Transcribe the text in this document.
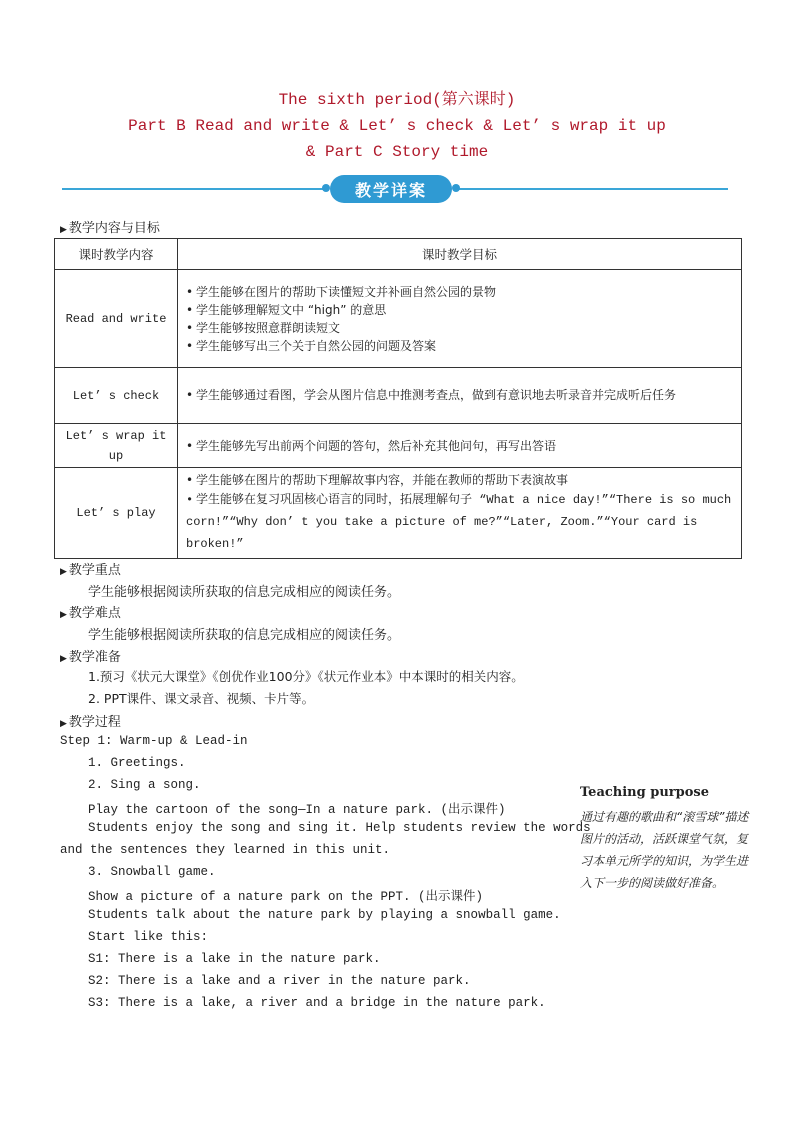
The sixth period(第六课时)
Part B Read and write & Let’ s check & Let’ s wrap it up
& Part C Story time
教学详案
▶ 教学内容与目标
课时教学内容	课时教学目标
Read and write	• 学生能够在图片的帮助下读懂短文并补画自然公园的景物
• 学生能够理解短文中 “high” 的意思
• 学生能够按照意群朗读短文
• 学生能够写出三个关于自然公园的问题及答案

Let’ s check	• 学生能够通过看图，学会从图片信息中推测考查点，做到有意识地去听录音并完成听后任务

Let’ s wrap it up	• 学生能够先写出前两个问题的答句，然后补充其他问句，再写出答语

Let’ s play	• 学生能够在图片的帮助下理解故事内容，并能在教师的帮助下表演故事
• 学生能够在复习巩固核心语言的同时，拓展理解句子 “What a nice day!”“There is so much corn!”“Why don’ t you take a picture of me?”“Later, Zoom.”“Your card is broken!”
▶ 教学重点
学生能够根据阅读所获取的信息完成相应的阅读任务。
▶ 教学难点
学生能够根据阅读所获取的信息完成相应的阅读任务。
▶ 教学准备
1.预习《状元大课堂》《创优作业100分》《状元作业本》中本课时的相关内容。
2. PPT课件、课文录音、视频、卡片等。
▶ 教学过程
Step 1: Warm-up & Lead-in
1. Greetings.
2. Sing a song.
Play the cartoon of the song—In a nature park. (出示课件)
Students enjoy the song and sing it. Help students review the words
and the sentences they learned in this unit.
3. Snowball game.
Show a picture of a nature park on the PPT. (出示课件)
Students talk about the nature park by playing a snowball game.
Start like this:
S1: There is a lake in the nature park.
S2: There is a lake and a river in the nature park.
S3: There is a lake, a river and a bridge in the nature park.
Teaching purpose
通过有趣的歌曲和“滚雪球”描述图片的活动，活跃课堂气氛，复习本单元所学的知识，为学生进入下一步的阅读做好准备。
